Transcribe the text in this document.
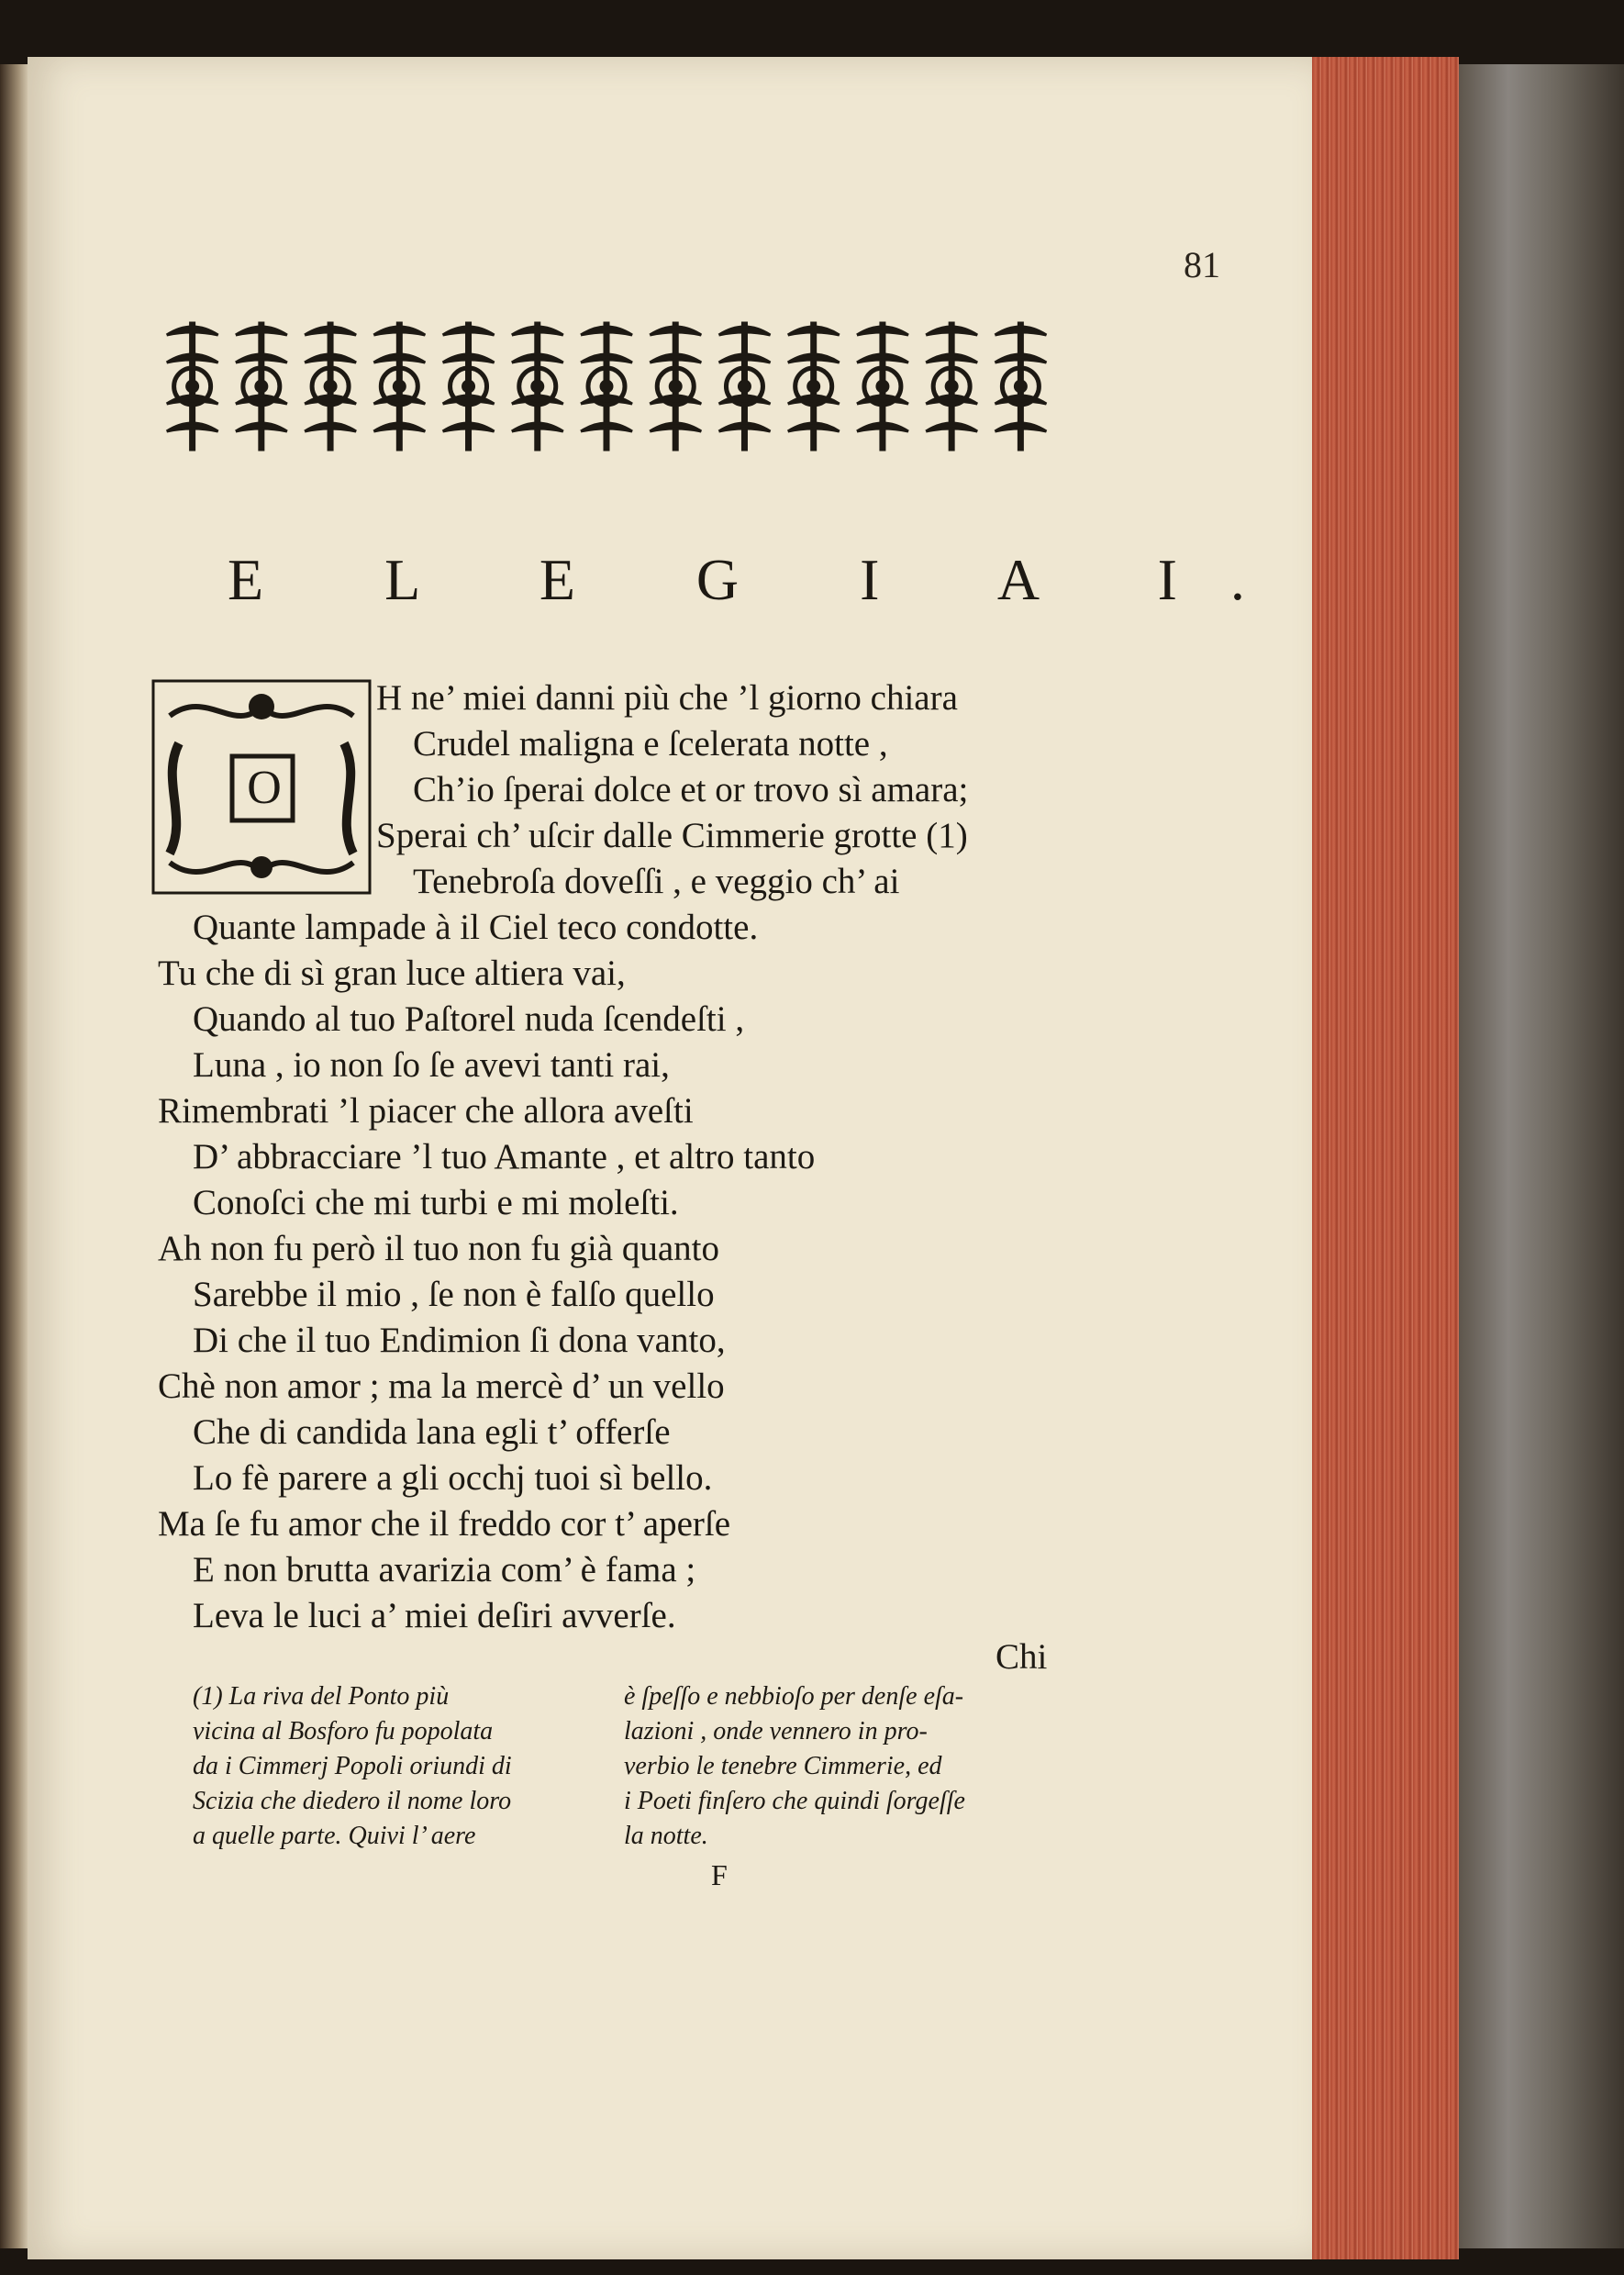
81
E L E G I A I.
O
H ne’ miei danni più che ’l giorno chiara
Crudel maligna e ſcelerata notte ,
Ch’io ſperai dolce et or trovo sì amara;
Sperai ch’ uſcir dalle Cimmerie grotte (1)
Tenebroſa doveſſi , e veggio ch’ ai
Quante lampade à il Ciel teco condotte.
Tu che di sì gran luce altiera vai,
Quando al tuo Paſtorel nuda ſcendeſti ,
Luna , io non ſo ſe avevi tanti rai,
Rimembrati ’l piacer che allora aveſti
D’ abbracciare ’l tuo Amante , et altro tanto
Conoſci che mi turbi e mi moleſti.
Ah non fu però il tuo non fu già quanto
Sarebbe il mio , ſe non è falſo quello
Di che il tuo Endimion ſi dona vanto,
Chè non amor ; ma la mercè d’ un vello
Che di candida lana egli t’ offerſe
Lo fè parere a gli occhj tuoi sì bello.
Ma ſe fu amor che il freddo cor t’ aperſe
E non brutta avarizia com’ è fama ;
Leva le luci a’ miei deſiri avverſe.
Chi
(1) La riva del Ponto più
vicina al Bosforo fu popolata
da i Cimmerj Popoli oriundi di
Scizia che diedero il nome loro
a quelle parte. Quivi l’ aere
è ſpeſſo e nebbioſo per denſe eſa-
lazioni , onde vennero in pro-
verbio le tenebre Cimmerie, ed
i Poeti finſero che quindi ſorgeſſe
la notte.
F
